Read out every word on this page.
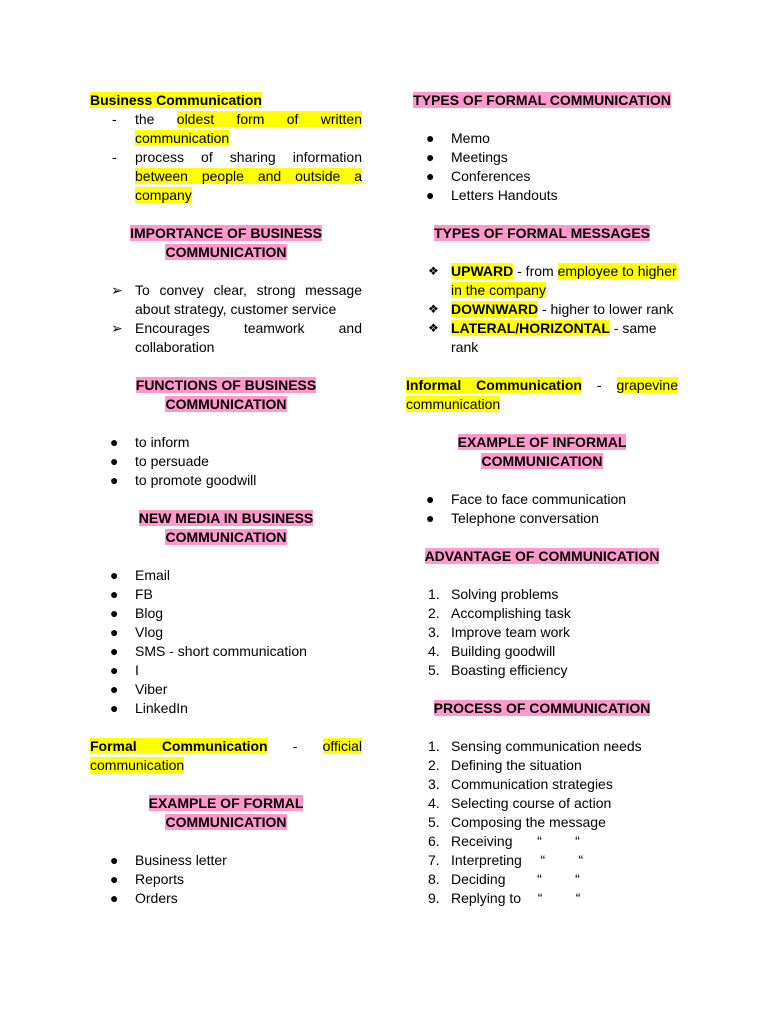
Business Communication
- the oldest form of written communication
- process of sharing information between people and outside a company
IMPORTANCE OF BUSINESS
COMMUNICATION
➢ To convey clear, strong message about strategy, customer service
➢ Encourages teamwork and collaboration
FUNCTIONS OF BUSINESS
COMMUNICATION
● to inform
● to persuade
● to promote goodwill
NEW MEDIA IN BUSINESS
COMMUNICATION
● Email
● FB
● Blog
● Vlog
● SMS - short communication
● I
● Viber
● LinkedIn
Formal Communication - official
communication
EXAMPLE OF FORMAL
COMMUNICATION
● Business letter
● Reports
● Orders
TYPES OF FORMAL COMMUNICATION
● Memo
● Meetings
● Conferences
● Letters Handouts
TYPES OF FORMAL MESSAGES
❖ UPWARD - from employee to higher
in the company
❖ DOWNWARD - higher to lower rank
❖ LATERAL/HORIZONTAL - same
rank
Informal Communication - grapevine
communication
EXAMPLE OF INFORMAL
COMMUNICATION
● Face to face communication
● Telephone conversation
ADVANTAGE OF COMMUNICATION
1. Solving problems
2. Accomplishing task
3. Improve team work
4. Building goodwill
5. Boasting efficiency
PROCESS OF COMMUNICATION
1. Sensing communication needs
2. Defining the situation
3. Communication strategies
4. Selecting course of action
5. Composing the message
6. Receiving “ “
7. Interpreting “ “
8. Deciding “ “
9. Replying to “ “
